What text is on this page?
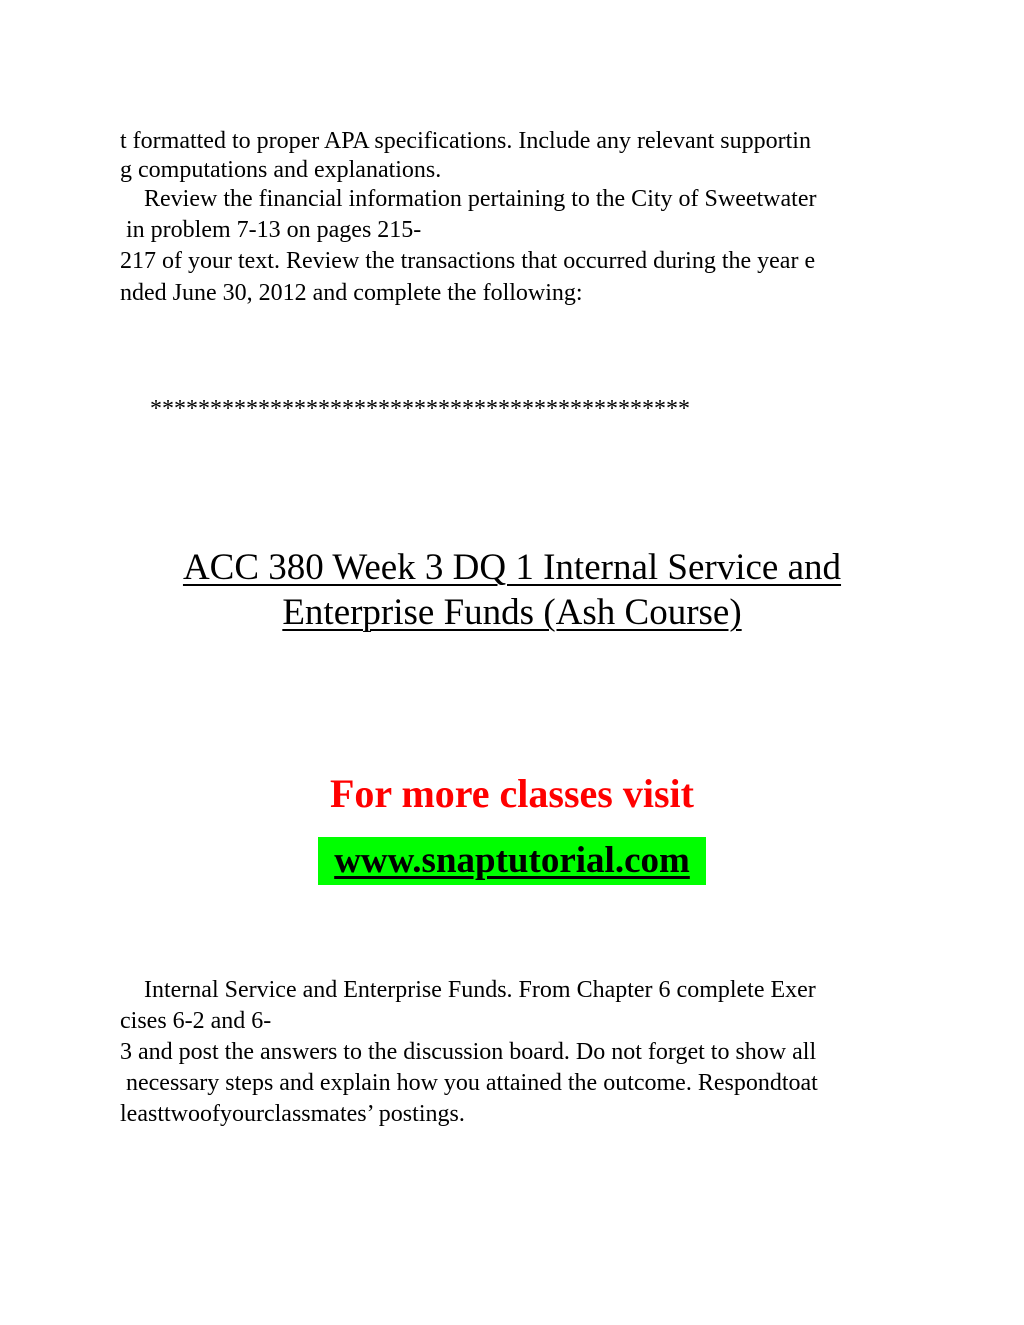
t formatted to proper APA specifications. Include any relevant supportin

g computations and explanations.

Review the financial information pertaining to the City of Sweetwater

in problem 7-13 on pages 215-

217 of your text. Review the transactions that occurred during the year e

nded June 30, 2012 and complete the following:

*********************************************
ACC 380 Week 3 DQ 1 Internal Service and
Enterprise Funds (Ash Course)
For more classes visit
www.snaptutorial.com

Internal Service and Enterprise Funds. From Chapter 6 complete Exer

cises 6-2 and 6-

3 and post the answers to the discussion board. Do not forget to show all

necessary steps and explain how you attained the outcome. Respondtoat

leasttwoofyourclassmates’ postings.
